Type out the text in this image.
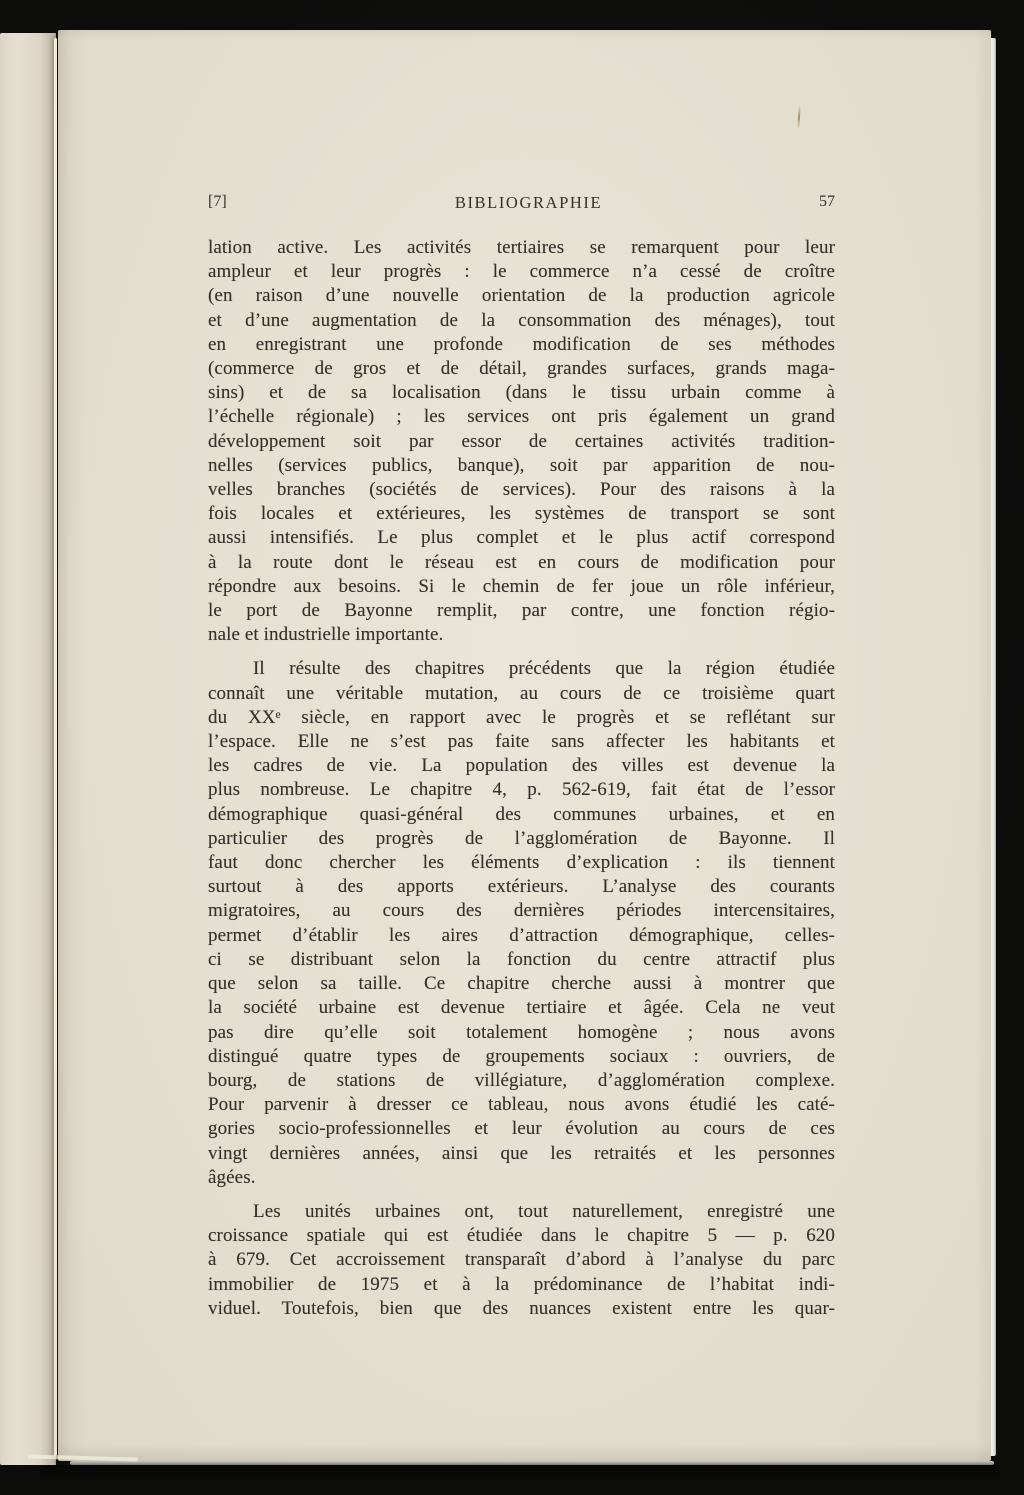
[7]	BIBLIOGRAPHIE	57
lation active. Les activités tertiaires se remarquent pour leur
ampleur et leur progrès : le commerce n’a cessé de croître
(en raison d’une nouvelle orientation de la production agricole
et d’une augmentation de la consommation des ménages), tout
en enregistrant une profonde modification de ses méthodes
(commerce de gros et de détail, grandes surfaces, grands maga-
sins) et de sa localisation (dans le tissu urbain comme à
l’échelle régionale) ; les services ont pris également un grand
développement soit par essor de certaines activités tradition-
nelles (services publics, banque), soit par apparition de nou-
velles branches (sociétés de services). Pour des raisons à la
fois locales et extérieures, les systèmes de transport se sont
aussi intensifiés. Le plus complet et le plus actif correspond
à la route dont le réseau est en cours de modification pour
répondre aux besoins. Si le chemin de fer joue un rôle inférieur,
le port de Bayonne remplit, par contre, une fonction régio-
nale et industrielle importante.
Il résulte des chapitres précédents que la région étudiée
connaît une véritable mutation, au cours de ce troisième quart
du XXᵉ siècle, en rapport avec le progrès et se reflétant sur
l’espace. Elle ne s’est pas faite sans affecter les habitants et
les cadres de vie. La population des villes est devenue la
plus nombreuse. Le chapitre 4, p. 562-619, fait état de l’essor
démographique quasi-général des communes urbaines, et en
particulier des progrès de l’agglomération de Bayonne. Il
faut donc chercher les éléments d’explication : ils tiennent
surtout à des apports extérieurs. L’analyse des courants
migratoires, au cours des dernières périodes intercensitaires,
permet d’établir les aires d’attraction démographique, celles-
ci se distribuant selon la fonction du centre attractif plus
que selon sa taille. Ce chapitre cherche aussi à montrer que
la société urbaine est devenue tertiaire et âgée. Cela ne veut
pas dire qu’elle soit totalement homogène ; nous avons
distingué quatre types de groupements sociaux : ouvriers, de
bourg, de stations de villégiature, d’agglomération complexe.
Pour parvenir à dresser ce tableau, nous avons étudié les caté-
gories socio-professionnelles et leur évolution au cours de ces
vingt dernières années, ainsi que les retraités et les personnes
âgées.
Les unités urbaines ont, tout naturellement, enregistré une
croissance spatiale qui est étudiée dans le chapitre 5 — p. 620
à 679. Cet accroissement transparaît d’abord à l’analyse du parc
immobilier de 1975 et à la prédominance de l’habitat indi-
viduel. Toutefois, bien que des nuances existent entre les quar-
